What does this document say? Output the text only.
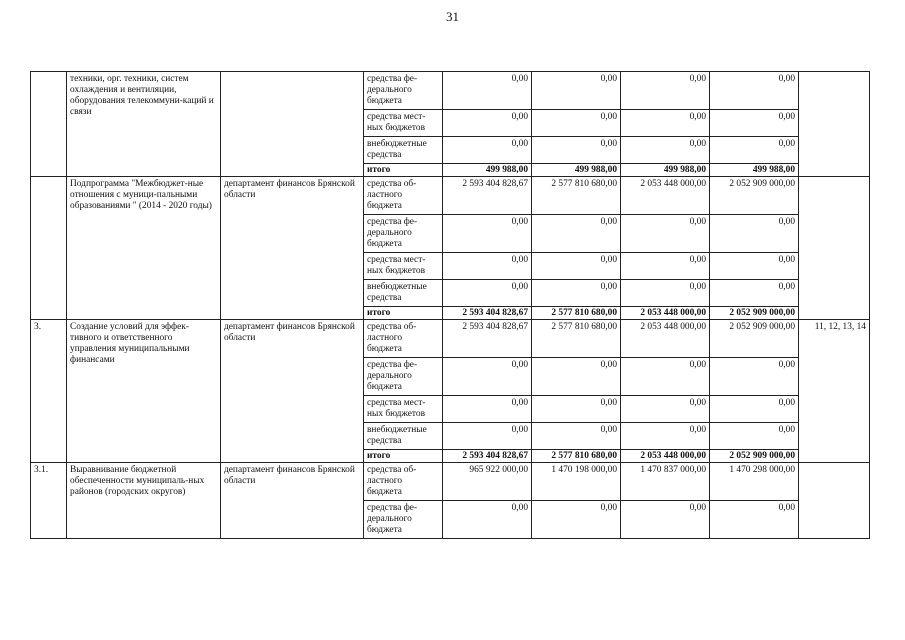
31
	техники, орг. техники, систем охлаждения и вентиляции, оборудования телекоммуни-каций и связи		средства фе-дерального бюджета	0,00	0,00	0,00	0,00	
			средства мест-ных бюджетов	0,00	0,00	0,00	0,00	
			внебюджетные средства	0,00	0,00	0,00	0,00	
			итого	499 988,00	499 988,00	499 988,00	499 988,00	
	Подпрограмма "Межбюджет-ные отношения с муници-пальными образованиями " (2014 - 2020 годы)	департамент финансов Брянской области	средства об-ластного бюджета	2 593 404 828,67	2 577 810 680,00	2 053 448 000,00	2 052 909 000,00	
			средства фе-дерального бюджета	0,00	0,00	0,00	0,00	
			средства мест-ных бюджетов	0,00	0,00	0,00	0,00	
			внебюджетные средства	0,00	0,00	0,00	0,00	
			итого	2 593 404 828,67	2 577 810 680,00	2 053 448 000,00	2 052 909 000,00	
3.	Создание условий для эффек-тивного и ответственного управления муниципальными финансами	департамент финансов Брянской области	средства об-ластного бюджета	2 593 404 828,67	2 577 810 680,00	2 053 448 000,00	2 052 909 000,00	11, 12, 13, 14
			средства фе-дерального бюджета	0,00	0,00	0,00	0,00	
			средства мест-ных бюджетов	0,00	0,00	0,00	0,00	
			внебюджетные средства	0,00	0,00	0,00	0,00	
			итого	2 593 404 828,67	2 577 810 680,00	2 053 448 000,00	2 052 909 000,00	
3.1.	Выравнивание бюджетной обеспеченности муниципаль-ных районов (городских округов)	департамент финансов Брянской области	средства об-ластного бюджета	965 922 000,00	1 470 198 000,00	1 470 837 000,00	1 470 298 000,00	
			средства фе-дерального бюджета	0,00	0,00	0,00	0,00	
